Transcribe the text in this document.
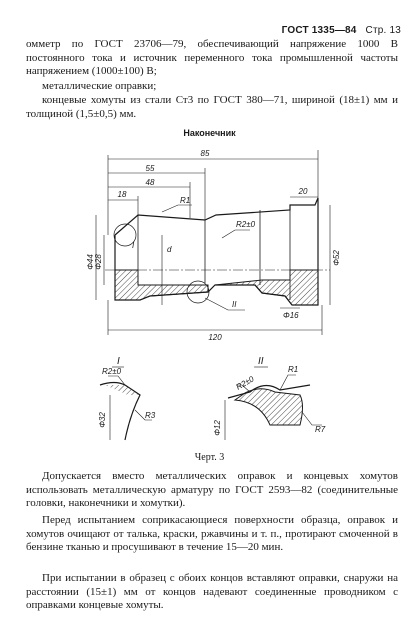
ГОСТ 1335—84 Стр. 13

омметр по ГОСТ 23706—79, обеспечивающий напряжение 1000 В постоянного тока и источник переменного тока промышленной частоты напряжением (1000±100) В;

металлические оправки;

концевые хомуты из стали Ст3 по ГОСТ 380—71, шириной (18±1) мм и толщиной (1,5±0,5) мм.

Наконечник
85
55
48
18	20
R1
R2±0
Φ44 Φ28
d
Φ52
Φ16
120
I
II
I
R2±0
Φ32	R3
II
R1
R2±0
Φ12	R7
Черт. 3

Допускается вместо металлических оправок и концевых хомутов использовать металлическую арматуру по ГОСТ 2593—82 (соединительные головки, наконечники и хомутки).

Перед испытанием соприкасающиеся поверхности образца, оправок и хомутов очищают от талька, краски, ржавчины и т. п., протирают смоченной в бензине тканью и просушивают в течение 15—20 мин.

При испытании в образец с обоих концов вставляют оправки, снаружи на расстоянии (15±1) мм от концов надевают соединенные проводником с оправками концевые хомуты.
